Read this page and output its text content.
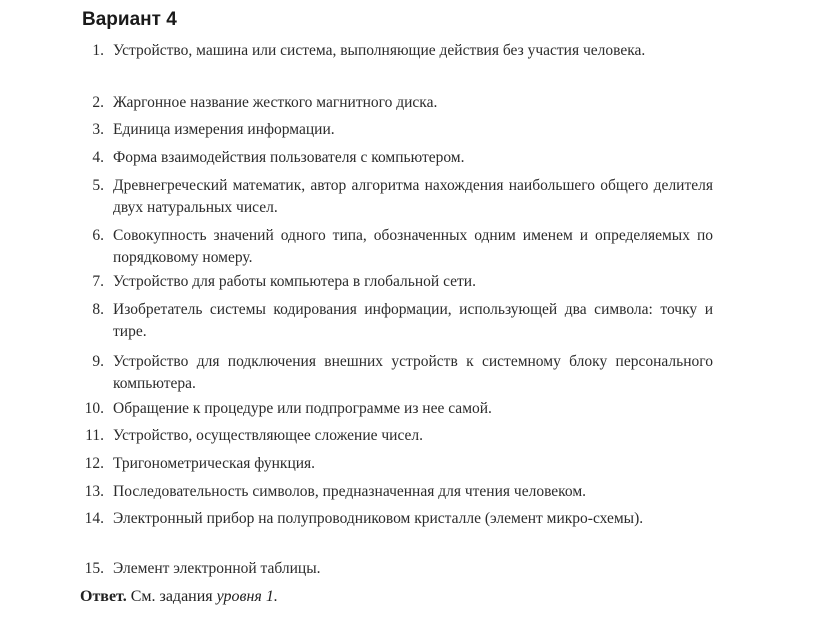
Вариант 4
1. Устройство, машина или система, выполняющие действия без участия человека.
2. Жаргонное название жесткого магнитного диска.
3. Единица измерения информации.
4. Форма взаимодействия пользователя с компьютером.
5. Древнегреческий математик, автор алгоритма нахождения наибольшего общего делителя двух натуральных чисел.
6. Совокупность значений одного типа, обозначенных одним именем и определяемых по порядковому номеру.
7. Устройство для работы компьютера в глобальной сети.
8. Изобретатель системы кодирования информации, использующей два символа: точку и тире.
9. Устройство для подключения внешних устройств к системному блоку персонального компьютера.
10. Обращение к процедуре или подпрограмме из нее самой.
11. Устройство, осуществляющее сложение чисел.
12. Тригонометрическая функция.
13. Последовательность символов, предназначенная для чтения человеком.
14. Электронный прибор на полупроводниковом кристалле (элемент микро-схемы).
15. Элемент электронной таблицы.
Ответ. См. задания уровня 1.
